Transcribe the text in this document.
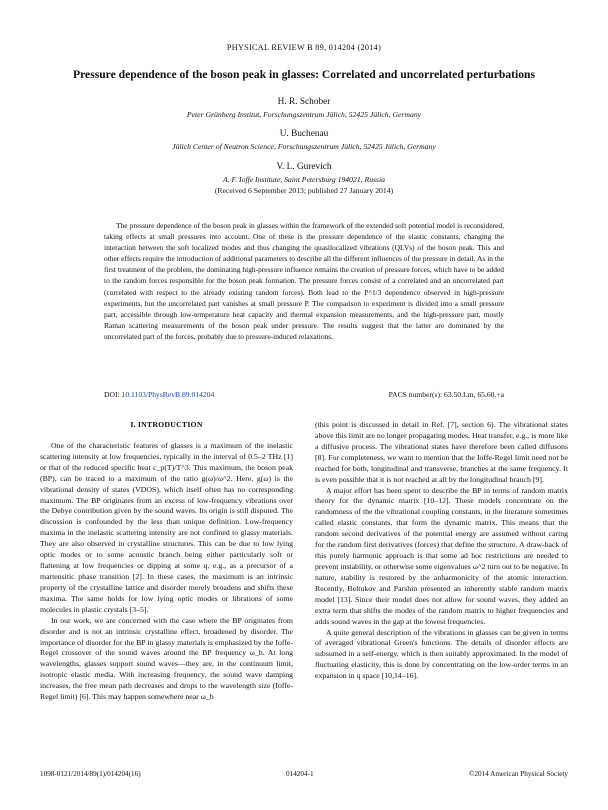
PHYSICAL REVIEW B 89, 014204 (2014)
Pressure dependence of the boson peak in glasses: Correlated and uncorrelated perturbations
H. R. Schober
Peter Grünberg Institut, Forschungszentrum Jülich, 52425 Jülich, Germany
U. Buchenau
Jülich Center of Neutron Science, Forschungszentrum Jülich, 52425 Jülich, Germany
V. L. Gurevich
A. F. Ioffe Institute, Saint Petersburg 194021, Russia
(Received 6 September 2013; published 27 January 2014)

The pressure dependence of the boson peak in glasses within the framework of the extended soft potential model is reconsidered, taking effects at small pressures into account. One of these is the pressure dependence of the elastic constants, changing the interaction between the soft localized modes and thus changing the quasilocalized vibrations (QLVs) of the boson peak. This and other effects require the introduction of additional parameters to describe all the different influences of the pressure in detail. As in the first treatment of the problem, the dominating high-pressure influence remains the creation of pressure forces, which have to be added to the random forces responsible for the boson peak formation. The pressure forces consist of a correlated and an uncorrelated part (correlated with respect to the already existing random forces). Both lead to the P^1/3 dependence observed in high-pressure experiments, but the uncorrelated part vanishes at small pressure P. The comparison to experiment is divided into a small pressure part, accessible through low-temperature heat capacity and thermal expansion measurements, and the high-pressure part, mostly Raman scattering measurements of the boson peak under pressure. The results suggest that the latter are dominated by the uncorrelated part of the forces, probably due to pressure-induced relaxations.

DOI: 10.1103/PhysRevB.89.014204	PACS number(s): 63.50.Lm, 65.60.+a
I. INTRODUCTION

One of the characteristic features of glasses is a maximum of the inelastic scattering intensity at low frequencies, typically in the interval of 0.5–2 THz [1] or that of the reduced specific heat c_p(T)/T^3. This maximum, the boson peak (BP), can be traced to a maximum of the ratio g(ω)/ω^2. Here, g(ω) is the vibrational density of states (VDOS), which itself often has no corresponding maximum. The BP originates from an excess of low-frequency vibrations over the Debye contribution given by the sound waves. Its origin is still disputed. The discussion is confounded by the less than unique definition. Low-frequency maxima in the inelastic scattering intensity are not confined to glassy materials. They are also observed in crystalline structures. This can be due to low lying optic modes or to some acoustic branch being either particularly soft or flattening at low frequencies or dipping at some q, e.g., as a precursor of a martensitic phase transition [2]. In these cases, the maximum is an intrinsic property of the crystalline lattice and disorder merely broadens and shifts these maxima. The same holds for low lying optic modes or librations of some molecules in plastic crystals [3–5].

In our work, we are concerned with the case where the BP originates from disorder and is not an intrinsic crystalline effect, broadened by disorder. The importance of disorder for the BP in glassy materials is emphasized by the Ioffe-Regel crossover of the sound waves around the BP frequency ω_b. At long wavelengths, glasses support sound waves—they are, in the continuum limit, isotropic elastic media. With increasing frequency, the sound wave damping increases, the free mean path decreases and drops to the wavelength size (Ioffe-Regel limit) [6]. This may happen somewhere near ω_b

(this point is discussed in detail in Ref. [7], section 6). The vibrational states above this limit are no longer propagating modes. Heat transfer, e.g., is more like a diffusive process. The vibrational states have therefore been called diffusons [8]. For completeness, we want to mention that the Ioffe-Regel limit need not be reached for both, longitudinal and transverse, branches at the same frequency. It is even possible that it is not reached at all by the longitudinal branch [9].

A major effort has been spent to describe the BP in terms of random matrix theory for the dynamic matrix [10–12]. These models concentrate on the randomness of the the vibrational coupling constants, in the literature sometimes called elastic constants, that form the dynamic matrix. This means that the random second derivatives of the potential energy are assumed without caring for the random first derivatives (forces) that define the structure. A draw-back of this purely harmonic approach is that some ad hoc restrictions are needed to prevent instability, or otherwise some eigenvalues ω^2 turn out to be negative. In nature, stability is restored by the anharmonicity of the atomic interaction. Recently, Beltukov and Parshin presented an inherently stable random matrix model [13]. Since their model does not allow for sound waves, they added an extra term that shifts the modes of the random matrix to higher frequencies and adds sound waves in the gap at the lowest frequencies.

A quite general description of the vibrations in glasses can be given in terms of averaged vibrational Green's functions. The details of disorder effects are subsumed in a self-energy, which is then suitably approximated. In the model of fluctuating elasticity, this is done by concentrating on the low-order terms in an expansion in q space [10,14–16].

1098-0121/2014/89(1)/014204(16)	014204-1	©2014 American Physical Society
